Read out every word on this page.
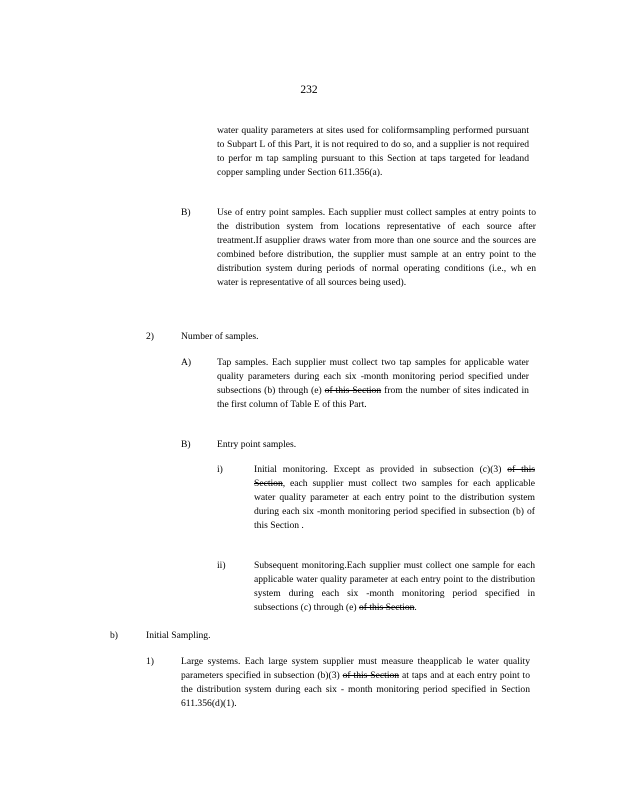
232
water quality parameters at sites used for coliformsampling performed pursuant to Subpart L of this Part, it is not required to do so, and a supplier is not required to perfor m tap sampling pursuant to this Section at taps targeted for leadand copper sampling under Section 611.356(a).
B)	Use of entry point samples. Each supplier must collect samples at entry points to the distribution system from locations representative of each source after treatment.If asupplier draws water from more than one source and the sources are combined before distribution, the supplier must sample at an entry point to the distribution system during periods of normal operating conditions (i.e., wh en water is representative of all sources being used).
2)	Number of samples.
A)	Tap samples. Each supplier must collect two tap samples for applicable water quality parameters during each six -month monitoring period specified under subsections (b) through (e) of this Section from the number of sites indicated in the first column of Table E of this Part.
B)	Entry point samples.
i)	Initial monitoring. Except as provided in subsection (c)(3) of this Section, each supplier must collect two samples for each applicable water quality parameter at each entry point to the distribution system during each six -month monitoring period specified in subsection (b) of this Section .
ii)	Subsequent monitoring.Each supplier must collect one sample for each applicable water quality parameter at each entry point to the distribution system during each six -month monitoring period specified in subsections (c) through (e) of this Section.
b)	Initial Sampling.
1)	Large systems. Each large system supplier must measure theapplicab le water quality parameters specified in subsection (b)(3) of this Section at taps and at each entry point to the distribution system during each six - month monitoring period specified in Section 611.356(d)(1).
